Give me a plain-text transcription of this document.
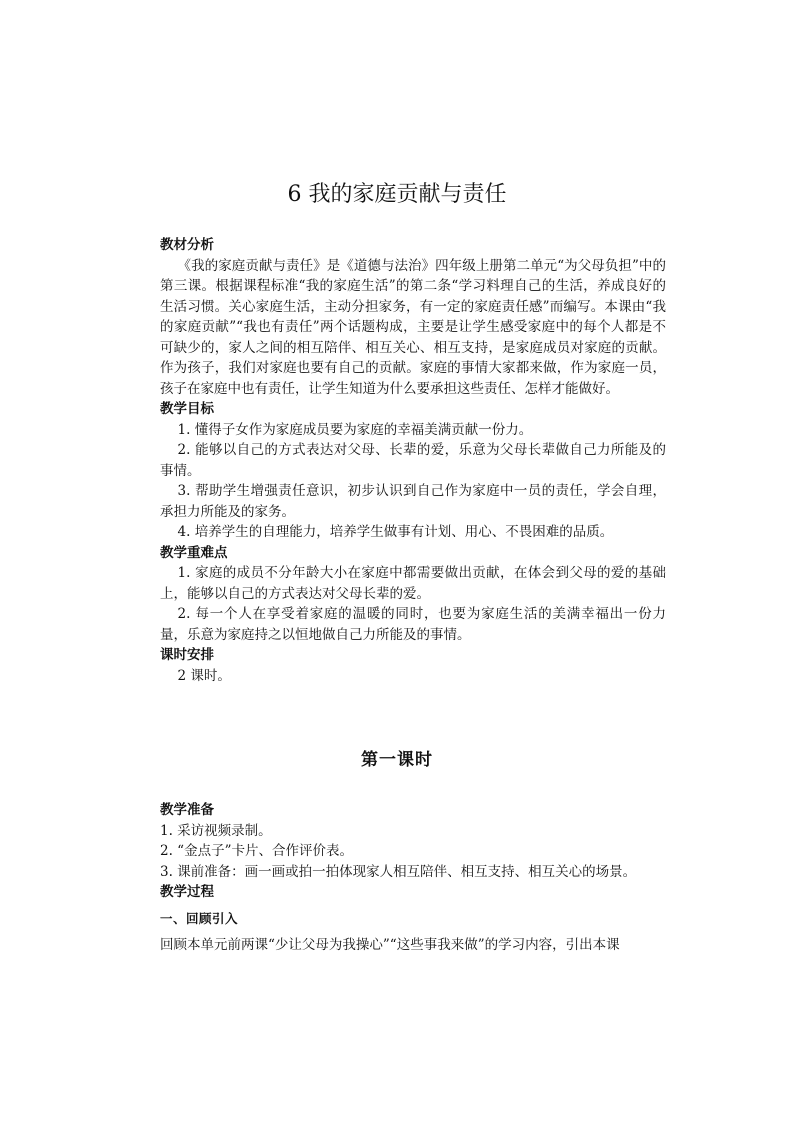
6 我的家庭贡献与责任

教材分析

《我的家庭贡献与责任》是《道德与法治》四年级上册第二单元“为父母负担”中的第三课。根据课程标准“我的家庭生活”的第二条“学习料理自己的生活，养成良好的生活习惯。关心家庭生活，主动分担家务，有一定的家庭责任感”而编写。本课由“我的家庭贡献”“我也有责任”两个话题构成，主要是让学生感受家庭中的每个人都是不可缺少的，家人之间的相互陪伴、相互关心、相互支持，是家庭成员对家庭的贡献。作为孩子，我们对家庭也要有自己的贡献。家庭的事情大家都来做，作为家庭一员，孩子在家庭中也有责任，让学生知道为什么要承担这些责任、怎样才能做好。

教学目标

1. 懂得子女作为家庭成员要为家庭的幸福美满贡献一份力。

2. 能够以自己的方式表达对父母、长辈的爱，乐意为父母长辈做自己力所能及的事情。

3. 帮助学生增强责任意识，初步认识到自己作为家庭中一员的责任，学会自理，承担力所能及的家务。

4. 培养学生的自理能力，培养学生做事有计划、用心、不畏困难的品质。

教学重难点

1. 家庭的成员不分年龄大小在家庭中都需要做出贡献，在体会到父母的爱的基础上，能够以自己的方式表达对父母长辈的爱。

2. 每一个人在享受着家庭的温暖的同时，也要为家庭生活的美满幸福出一份力量，乐意为家庭持之以恒地做自己力所能及的事情。

课时安排

2 课时。

第一课时

教学准备

1. 采访视频录制。

2. “金点子”卡片、合作评价表。

3. 课前准备：画一画或拍一拍体现家人相互陪伴、相互支持、相互关心的场景。

教学过程

一、回顾引入

回顾本单元前两课“少让父母为我操心”“这些事我来做”的学习内容，引出本课
